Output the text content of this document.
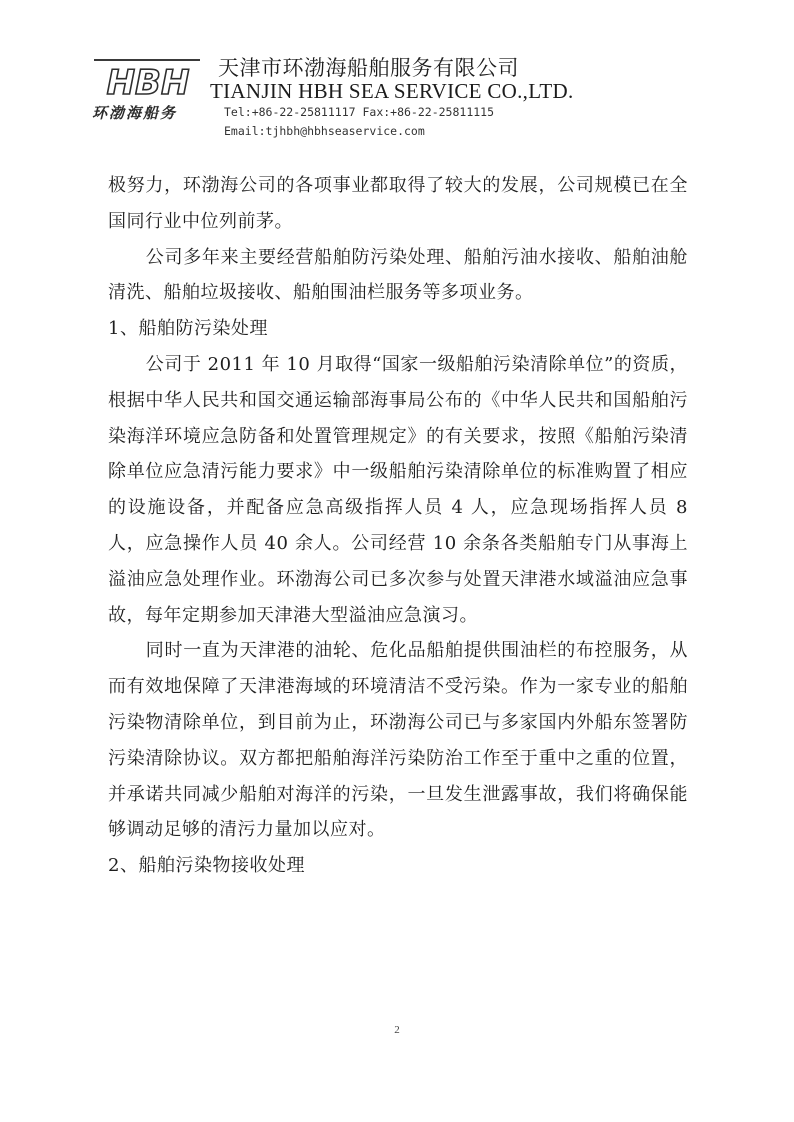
HBH
环渤海船务
天津市环渤海船舶服务有限公司
TIANJIN HBH SEA SERVICE CO.,LTD.
Tel:+86-22-25811117 Fax:+86-22-25811115
Email:tjhbh@hbhseaservice.com

极努力，环渤海公司的各项事业都取得了较大的发展，公司规模已在全国同行业中位列前茅。

公司多年来主要经营船舶防污染处理、船舶污油水接收、船舶油舱清洗、船舶垃圾接收、船舶围油栏服务等多项业务。

1、船舶防污染处理

公司于 2011 年 10 月取得“国家一级船舶污染清除单位”的资质，根据中华人民共和国交通运输部海事局公布的《中华人民共和国船舶污染海洋环境应急防备和处置管理规定》的有关要求，按照《船舶污染清除单位应急清污能力要求》中一级船舶污染清除单位的标准购置了相应的设施设备，并配备应急高级指挥人员 4 人，应急现场指挥人员 8 人，应急操作人员 40 余人。公司经营 10 余条各类船舶专门从事海上溢油应急处理作业。环渤海公司已多次参与处置天津港水域溢油应急事故，每年定期参加天津港大型溢油应急演习。

同时一直为天津港的油轮、危化品船舶提供围油栏的布控服务，从而有效地保障了天津港海域的环境清洁不受污染。作为一家专业的船舶污染物清除单位，到目前为止，环渤海公司已与多家国内外船东签署防污染清除协议。双方都把船舶海洋污染防治工作至于重中之重的位置，并承诺共同减少船舶对海洋的污染，一旦发生泄露事故，我们将确保能够调动足够的清污力量加以应对。

2、船舶污染物接收处理

2
